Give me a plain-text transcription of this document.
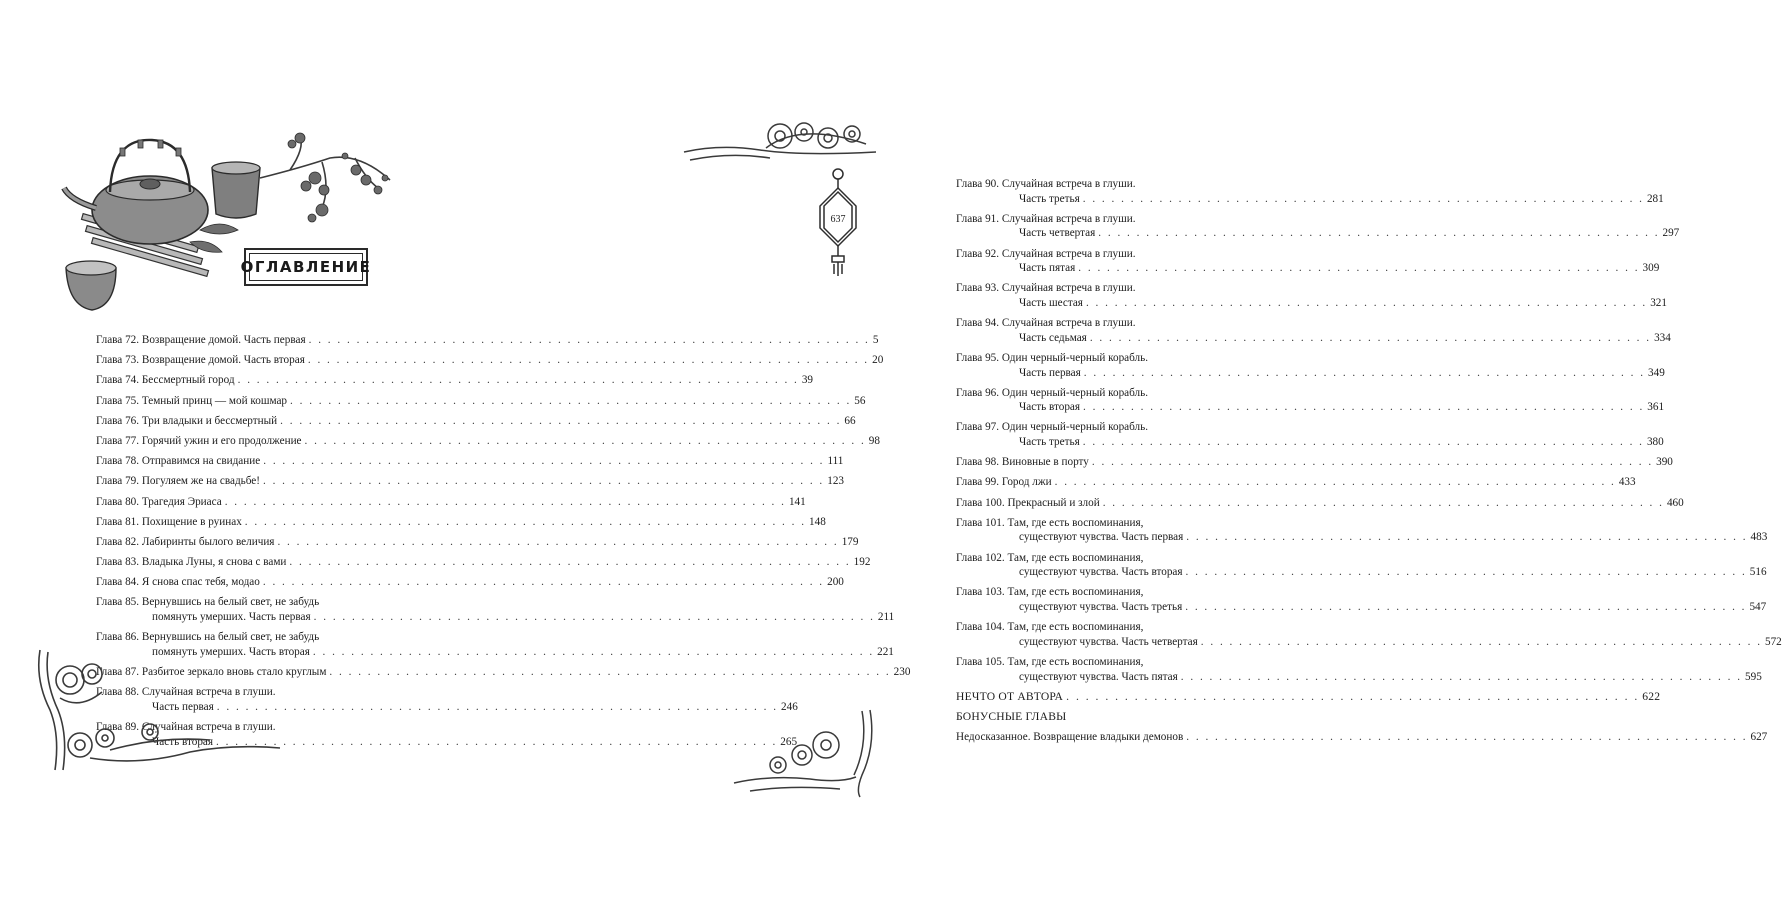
ОГЛАВЛЕНИЕ
Глава 72. Возвращение домой. Часть первая . . .	5
Глава 73. Возвращение домой. Часть вторая . . .	20
Глава 74. Бессмертный город . . .	39
Глава 75. Темный принц — мой кошмар . . .	56
Глава 76. Три владыки и бессмертный . . .	66
Глава 77. Горячий ужин и его продолжение . . .	98
Глава 78. Отправимся на свидание . . .	111
Глава 79. Погуляем же на свадьбе! . . .	123
Глава 80. Трагедия Эриаса . . .	141
Глава 81. Похищение в руинах . . .	148
Глава 82. Лабиринты былого величия . . .	179
Глава 83. Владыка Луны, я снова с вами . . .	192
Глава 84. Я снова спас тебя, модао . . .	200
Глава 85. Вернувшись на белый свет, не забудь
помянуть умерших. Часть первая . . .	211
Глава 86. Вернувшись на белый свет, не забудь
помянуть умерших. Часть вторая . . .	221
Глава 87. Разбитое зеркало вновь стало круглым . . .	230
Глава 88. Случайная встреча в глуши.
Часть первая . . .	246
Глава 89. Случайная встреча в глуши.
Часть вторая . . .	265
Глава 90. Случайная встреча в глуши.
Часть третья . . .	281
Глава 91. Случайная встреча в глуши.
Часть четвертая . . .	297
Глава 92. Случайная встреча в глуши.
Часть пятая . . .	309
Глава 93. Случайная встреча в глуши.
Часть шестая . . .	321
Глава 94. Случайная встреча в глуши.
Часть седьмая . . .	334
Глава 95. Один черный-черный корабль.
Часть первая . . .	349
Глава 96. Один черный-черный корабль.
Часть вторая . . .	361
Глава 97. Один черный-черный корабль.
Часть третья . . .	380
Глава 98. Виновные в порту . . .	390
Глава 99. Город лжи . . .	433
Глава 100. Прекрасный и злой . . .	460
Глава 101. Там, где есть воспоминания,
существуют чувства. Часть первая . . .	483
Глава 102. Там, где есть воспоминания,
существуют чувства. Часть вторая . . .	516
Глава 103. Там, где есть воспоминания,
существуют чувства. Часть третья . . .	547
Глава 104. Там, где есть воспоминания,
существуют чувства. Часть четвертая . . .	572
Глава 105. Там, где есть воспоминания,
существуют чувства. Часть пятая . . .	595
НЕЧТО ОТ АВТОРА . . .	622
БОНУСНЫЕ ГЛАВЫ
Недосказанное. Возвращение владыки демонов . . .	627
637
